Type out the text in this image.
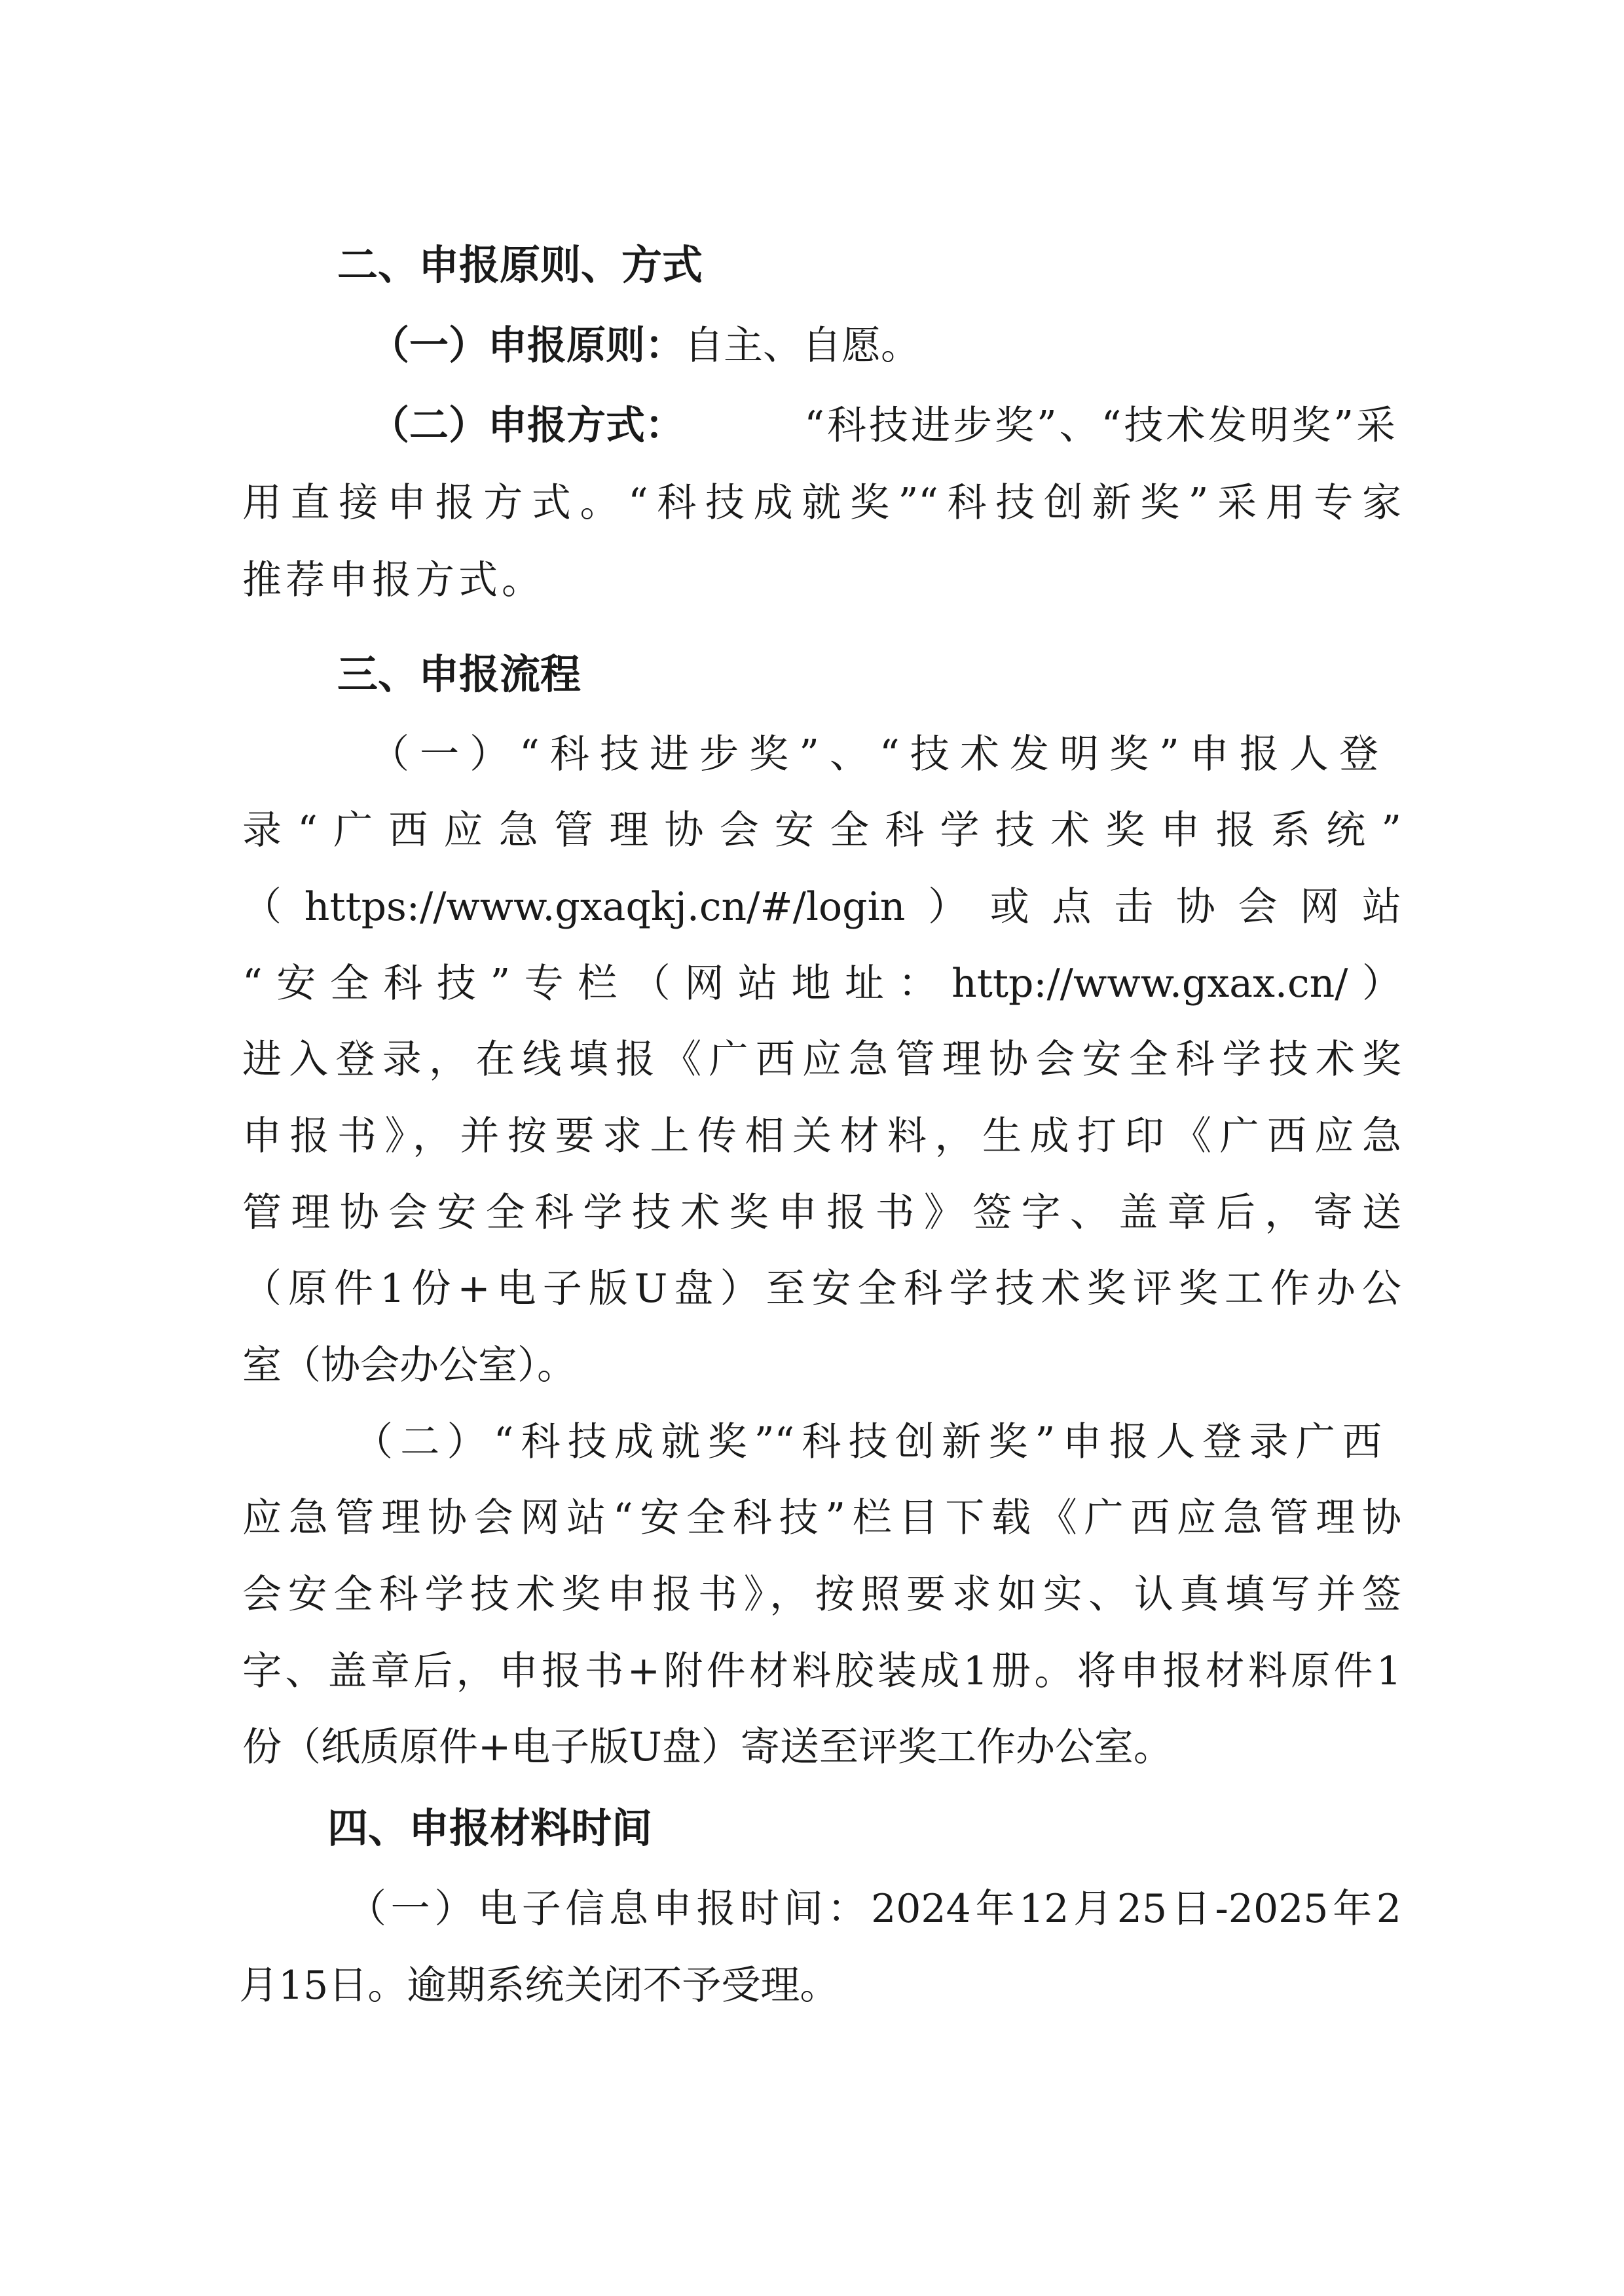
二、申报原则、方式
（一）申报原则：自主、自愿。
（二）申报方式：	“科技进步奖”、“技术发明奖”采
用直接申报方式。“科技成就奖”“科技创新奖”采用专家
推荐申报方式。
三、申报流程
（一）“科技进步奖”、“技术发明奖”申报人登
录“广西应急管理协会安全科学技术奖申报系统”
（https://www.gxaqkj.cn/#/login）或点击协会网站
“安全科技”专栏（网站地址：http://www.gxax.cn/）
进入登录，在线填报《广西应急管理协会安全科学技术奖
申报书》，并按要求上传相关材料，生成打印《广西应急
管理协会安全科学技术奖申报书》签字、盖章后，寄送
（原件1份+电子版U盘）至安全科学技术奖评奖工作办公
室（协会办公室）。
（二）“科技成就奖”“科技创新奖”申报人登录广西
应急管理协会网站“安全科技”栏目下载《广西应急管理协
会安全科学技术奖申报书》，按照要求如实、认真填写并签
字、盖章后，申报书+附件材料胶装成1册。将申报材料原件1
份（纸质原件+电子版U盘）寄送至评奖工作办公室。
四、申报材料时间
（一）电子信息申报时间：2024年12月25日-2025年2
月15日。逾期系统关闭不予受理。
